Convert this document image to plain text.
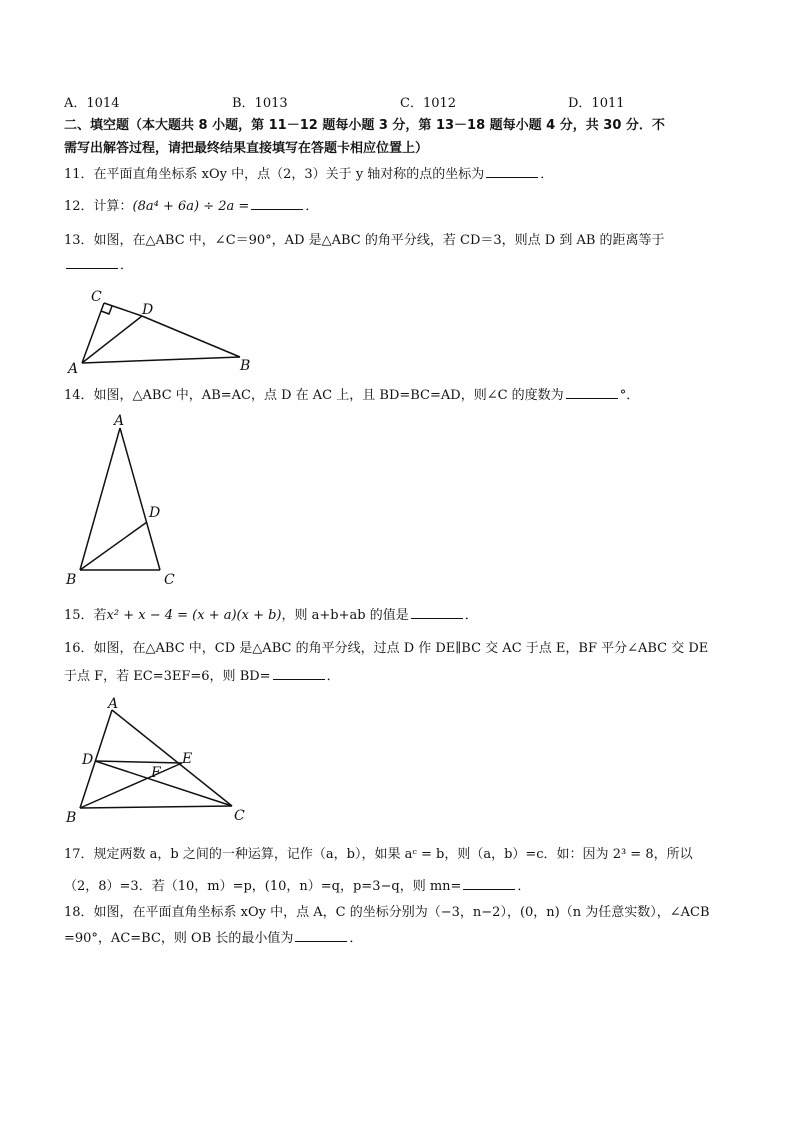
A．1014	B．1013	C．1012	D．1011
二、填空题（本大题共 8 小题，第 11－12 题每小题 3 分，第 13－18 题每小题 4 分，共 30 分．不
需写出解答过程，请把最终结果直接填写在答题卡相应位置上）
11．在平面直角坐标系 xOy 中，点（2，3）关于 y 轴对称的点的坐标为	．
12．计算：(8a⁴ + 6a) ÷ 2a =	．
13．如图，在△ABC 中，∠C＝90°，AD 是△ABC 的角平分线，若 CD＝3，则点 D 到 AB 的距离等于
．
C
D
A	B
14．如图，△ABC 中，AB=AC，点 D 在 AC 上，且 BD=BC=AD，则∠C 的度数为	°．
A
D
B	C
15．若x² + x − 4 = (x + a)(x + b)，则 a+b+ab 的值是	．
16．如图，在△ABC 中，CD 是△ABC 的角平分线，过点 D 作 DE∥BC 交 AC 于点 E，BF 平分∠ABC 交 DE
于点 F，若 EC=3EF=6，则 BD=	．
A
D	E
F
B	C
17．规定两数 a，b 之间的一种运算，记作（a，b），如果 aᶜ = b，则（a，b）=c．如：因为 2³ = 8，所以
（2，8）=3．若（10，m）=p，(10，n）=q，p=3−q，则 mn=	．
18．如图，在平面直角坐标系 xOy 中，点 A，C 的坐标分别为（−3，n−2），(0，n)（n 为任意实数），∠ACB
=90°，AC=BC，则 OB 长的最小值为	．
